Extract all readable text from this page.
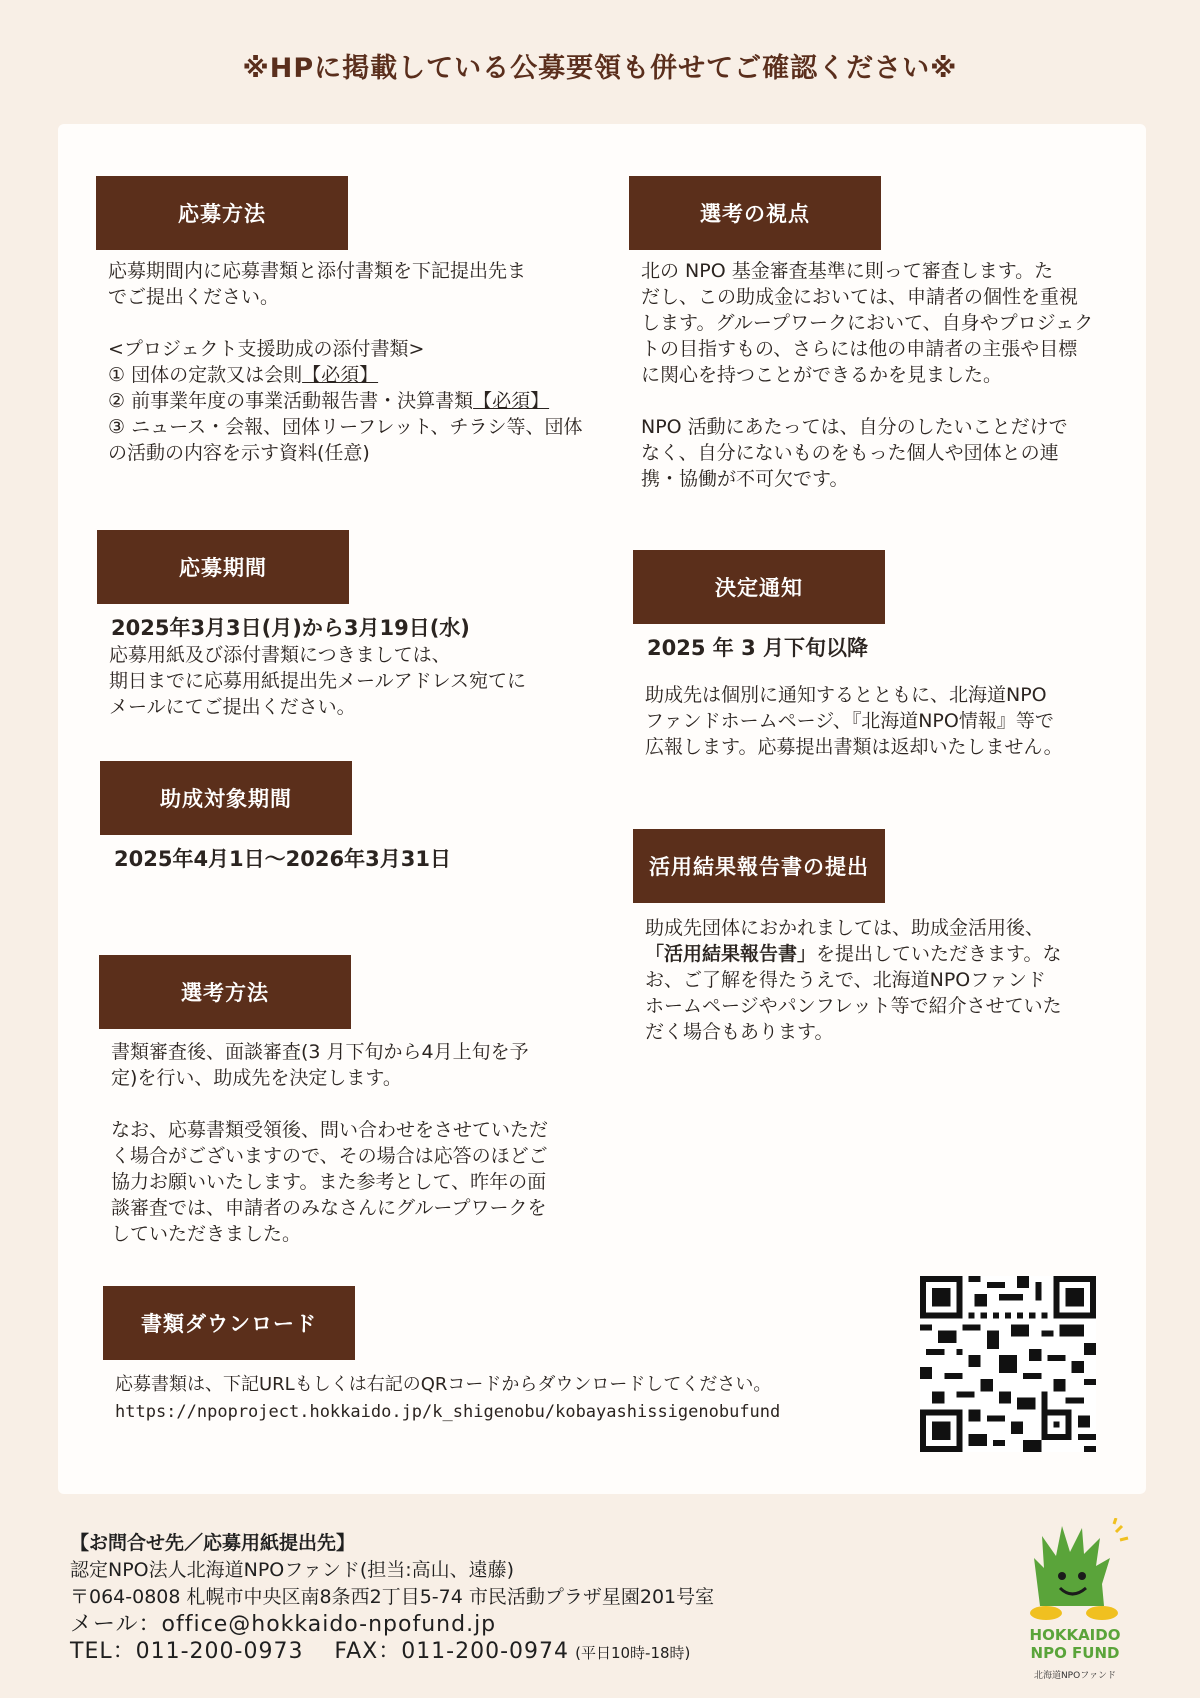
※HPに掲載している公募要領も併せてご確認ください※
応募方法
応募期間内に応募書類と添付書類を下記提出先ま
でご提出ください。

<プロジェクト支援助成の添付書類>
① 団体の定款又は会則【必須】
② 前事業年度の事業活動報告書・決算書類【必須】
③ ニュース・会報、団体リーフレット、チラシ等、団体
の活動の内容を示す資料(任意)
選考の視点
北の NPO 基金審査基準に則って審査します。た
だし、この助成金においては、申請者の個性を重視
します。グループワークにおいて、自身やプロジェク
トの目指すもの、さらには他の申請者の主張や目標
に関心を持つことができるかを見ました。

NPO 活動にあたっては、自分のしたいことだけで
なく、自分にないものをもった個人や団体との連
携・協働が不可欠です。
応募期間
2025年3月3日(月)から3月19日(水)
応募用紙及び添付書類につきましては、
期日までに応募用紙提出先メールアドレス宛てに
メールにてご提出ください。
決定通知
2025 年 3 月下旬以降
助成先は個別に通知するとともに、北海道NPO
ファンドホームページ、『北海道NPO情報』等で
広報します。応募提出書類は返却いたしません。
助成対象期間
2025年4月1日～2026年3月31日	活用結果報告書の提出
助成先団体におかれましては、助成金活用後、
「活用結果報告書」を提出していただきます。な
お、ご了解を得たうえで、北海道NPOファンド
ホームページやパンフレット等で紹介させていた
だく場合もあります。
選考方法
書類審査後、面談審査(3 月下旬から4月上旬を予
定)を行い、助成先を決定します。

なお、応募書類受領後、問い合わせをさせていただ
く場合がございますので、その場合は応答のほどご
協力お願いいたします。また参考として、昨年の面
談審査では、申請者のみなさんにグループワークを
していただきました。
書類ダウンロード
応募書類は、下記URLもしくは右記のQRコードからダウンロードしてください。
https://npoproject.hokkaido.jp/k_shigenobu/kobayashissigenobufund
【お問合せ先／応募用紙提出先】
認定NPO法人北海道NPOファンド(担当:高山、遠藤)
〒064-0808 札幌市中央区南8条西2丁目5-74 市民活動プラザ星園201号室
メール：office@hokkaido-npofund.jp
TEL：011-200-0973　 FAX：011-200-0974 (平日10時-18時)
HOKKAIDO
NPO FUND
北海道NPOファンド
